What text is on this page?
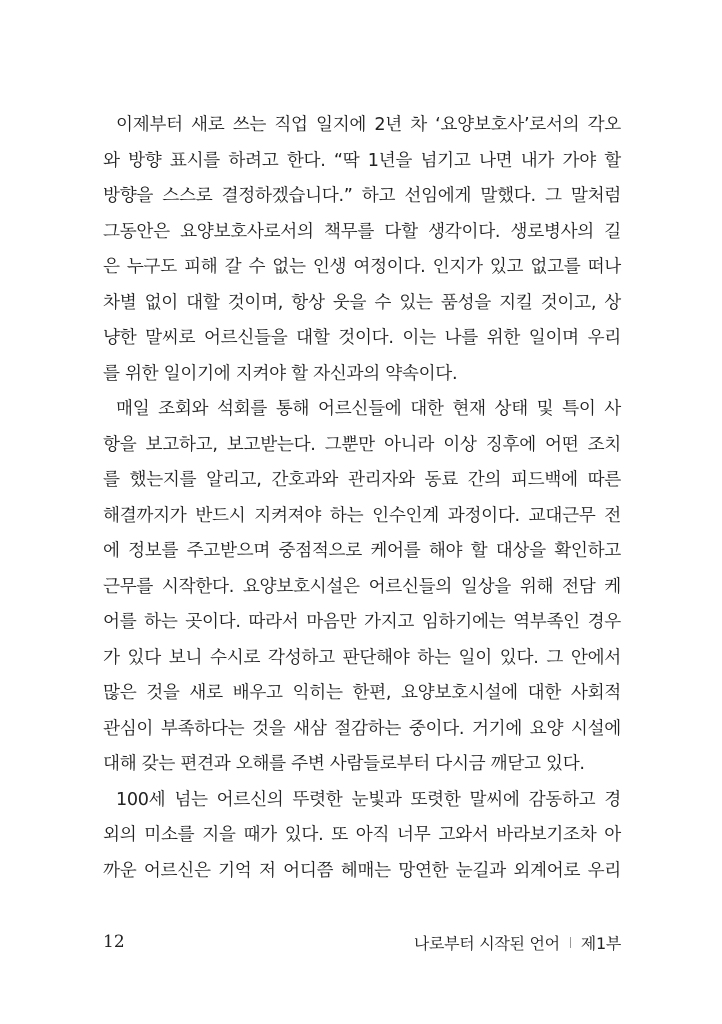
이제부터 새로 쓰는 직업 일지에 2년 차 ‘요양보호사’로서의 각오
와 방향 표시를 하려고 한다. “딱 1년을 넘기고 나면 내가 가야 할
방향을 스스로 결정하겠습니다.” 하고 선임에게 말했다. 그 말처럼
그동안은 요양보호사로서의 책무를 다할 생각이다. 생로병사의 길
은 누구도 피해 갈 수 없는 인생 여정이다. 인지가 있고 없고를 떠나
차별 없이 대할 것이며, 항상 웃을 수 있는 품성을 지킬 것이고, 상
냥한 말씨로 어르신들을 대할 것이다. 이는 나를 위한 일이며 우리
를 위한 일이기에 지켜야 할 자신과의 약속이다.
매일 조회와 석회를 통해 어르신들에 대한 현재 상태 및 특이 사
항을 보고하고, 보고받는다. 그뿐만 아니라 이상 징후에 어떤 조치
를 했는지를 알리고, 간호과와 관리자와 동료 간의 피드백에 따른
해결까지가 반드시 지켜져야 하는 인수인계 과정이다. 교대근무 전
에 정보를 주고받으며 중점적으로 케어를 해야 할 대상을 확인하고
근무를 시작한다. 요양보호시설은 어르신들의 일상을 위해 전담 케
어를 하는 곳이다. 따라서 마음만 가지고 임하기에는 역부족인 경우
가 있다 보니 수시로 각성하고 판단해야 하는 일이 있다. 그 안에서
많은 것을 새로 배우고 익히는 한편, 요양보호시설에 대한 사회적
관심이 부족하다는 것을 새삼 절감하는 중이다. 거기에 요양 시설에
대해 갖는 편견과 오해를 주변 사람들로부터 다시금 깨닫고 있다.
100세 넘는 어르신의 뚜렷한 눈빛과 또렷한 말씨에 감동하고 경
외의 미소를 지을 때가 있다. 또 아직 너무 고와서 바라보기조차 아
까운 어르신은 기억 저 어디쯤 헤매는 망연한 눈길과 외계어로 우리
12	나로부터 시작된 언어 제1부
